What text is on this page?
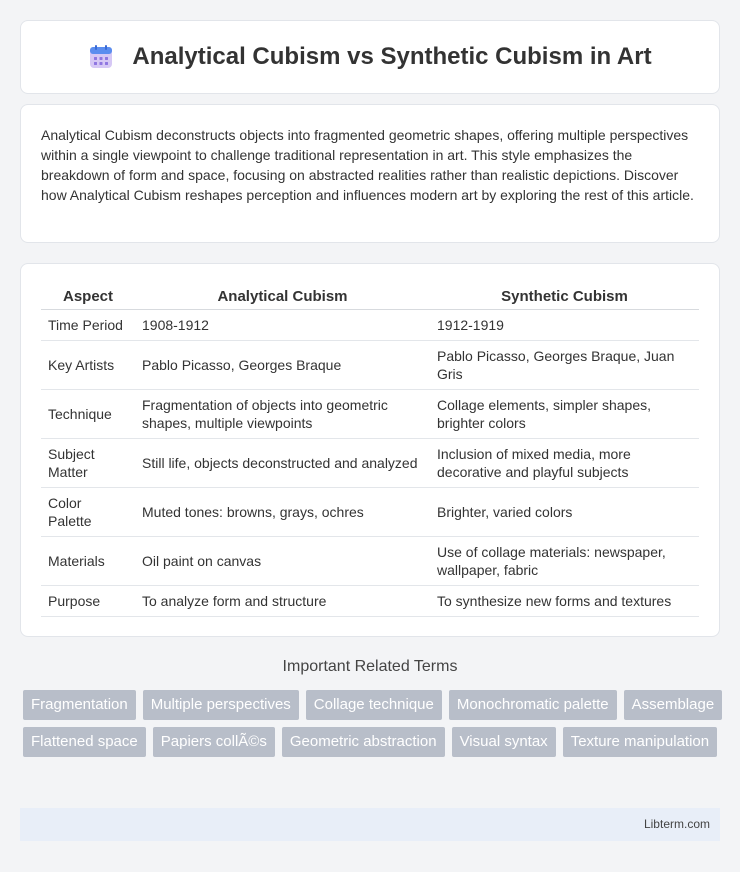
Analytical Cubism vs Synthetic Cubism in Art

Analytical Cubism deconstructs objects into fragmented geometric shapes, offering multiple perspectives within a single viewpoint to challenge traditional representation in art. This style emphasizes the breakdown of form and space, focusing on abstracted realities rather than realistic depictions. Discover how Analytical Cubism reshapes perception and influences modern art by exploring the rest of this article.

Aspect	Analytical Cubism	Synthetic Cubism
Time Period	1908-1912	1912-1919
Key Artists	Pablo Picasso, Georges Braque	Pablo Picasso, Georges Braque, Juan Gris
Technique	Fragmentation of objects into geometric shapes, multiple viewpoints	Collage elements, simpler shapes, brighter colors
Subject Matter	Still life, objects deconstructed and analyzed	Inclusion of mixed media, more decorative and playful subjects
Color Palette	Muted tones: browns, grays, ochres	Brighter, varied colors
Materials	Oil paint on canvas	Use of collage materials: newspaper, wallpaper, fabric
Purpose	To analyze form and structure	To synthesize new forms and textures
Important Related Terms
Fragmentation	Multiple perspectives	Collage technique	Monochromatic palette	Assemblage
Flattened space	Papiers collÃ©s	Geometric abstraction	Visual syntax	Texture manipulation
Libterm.com
